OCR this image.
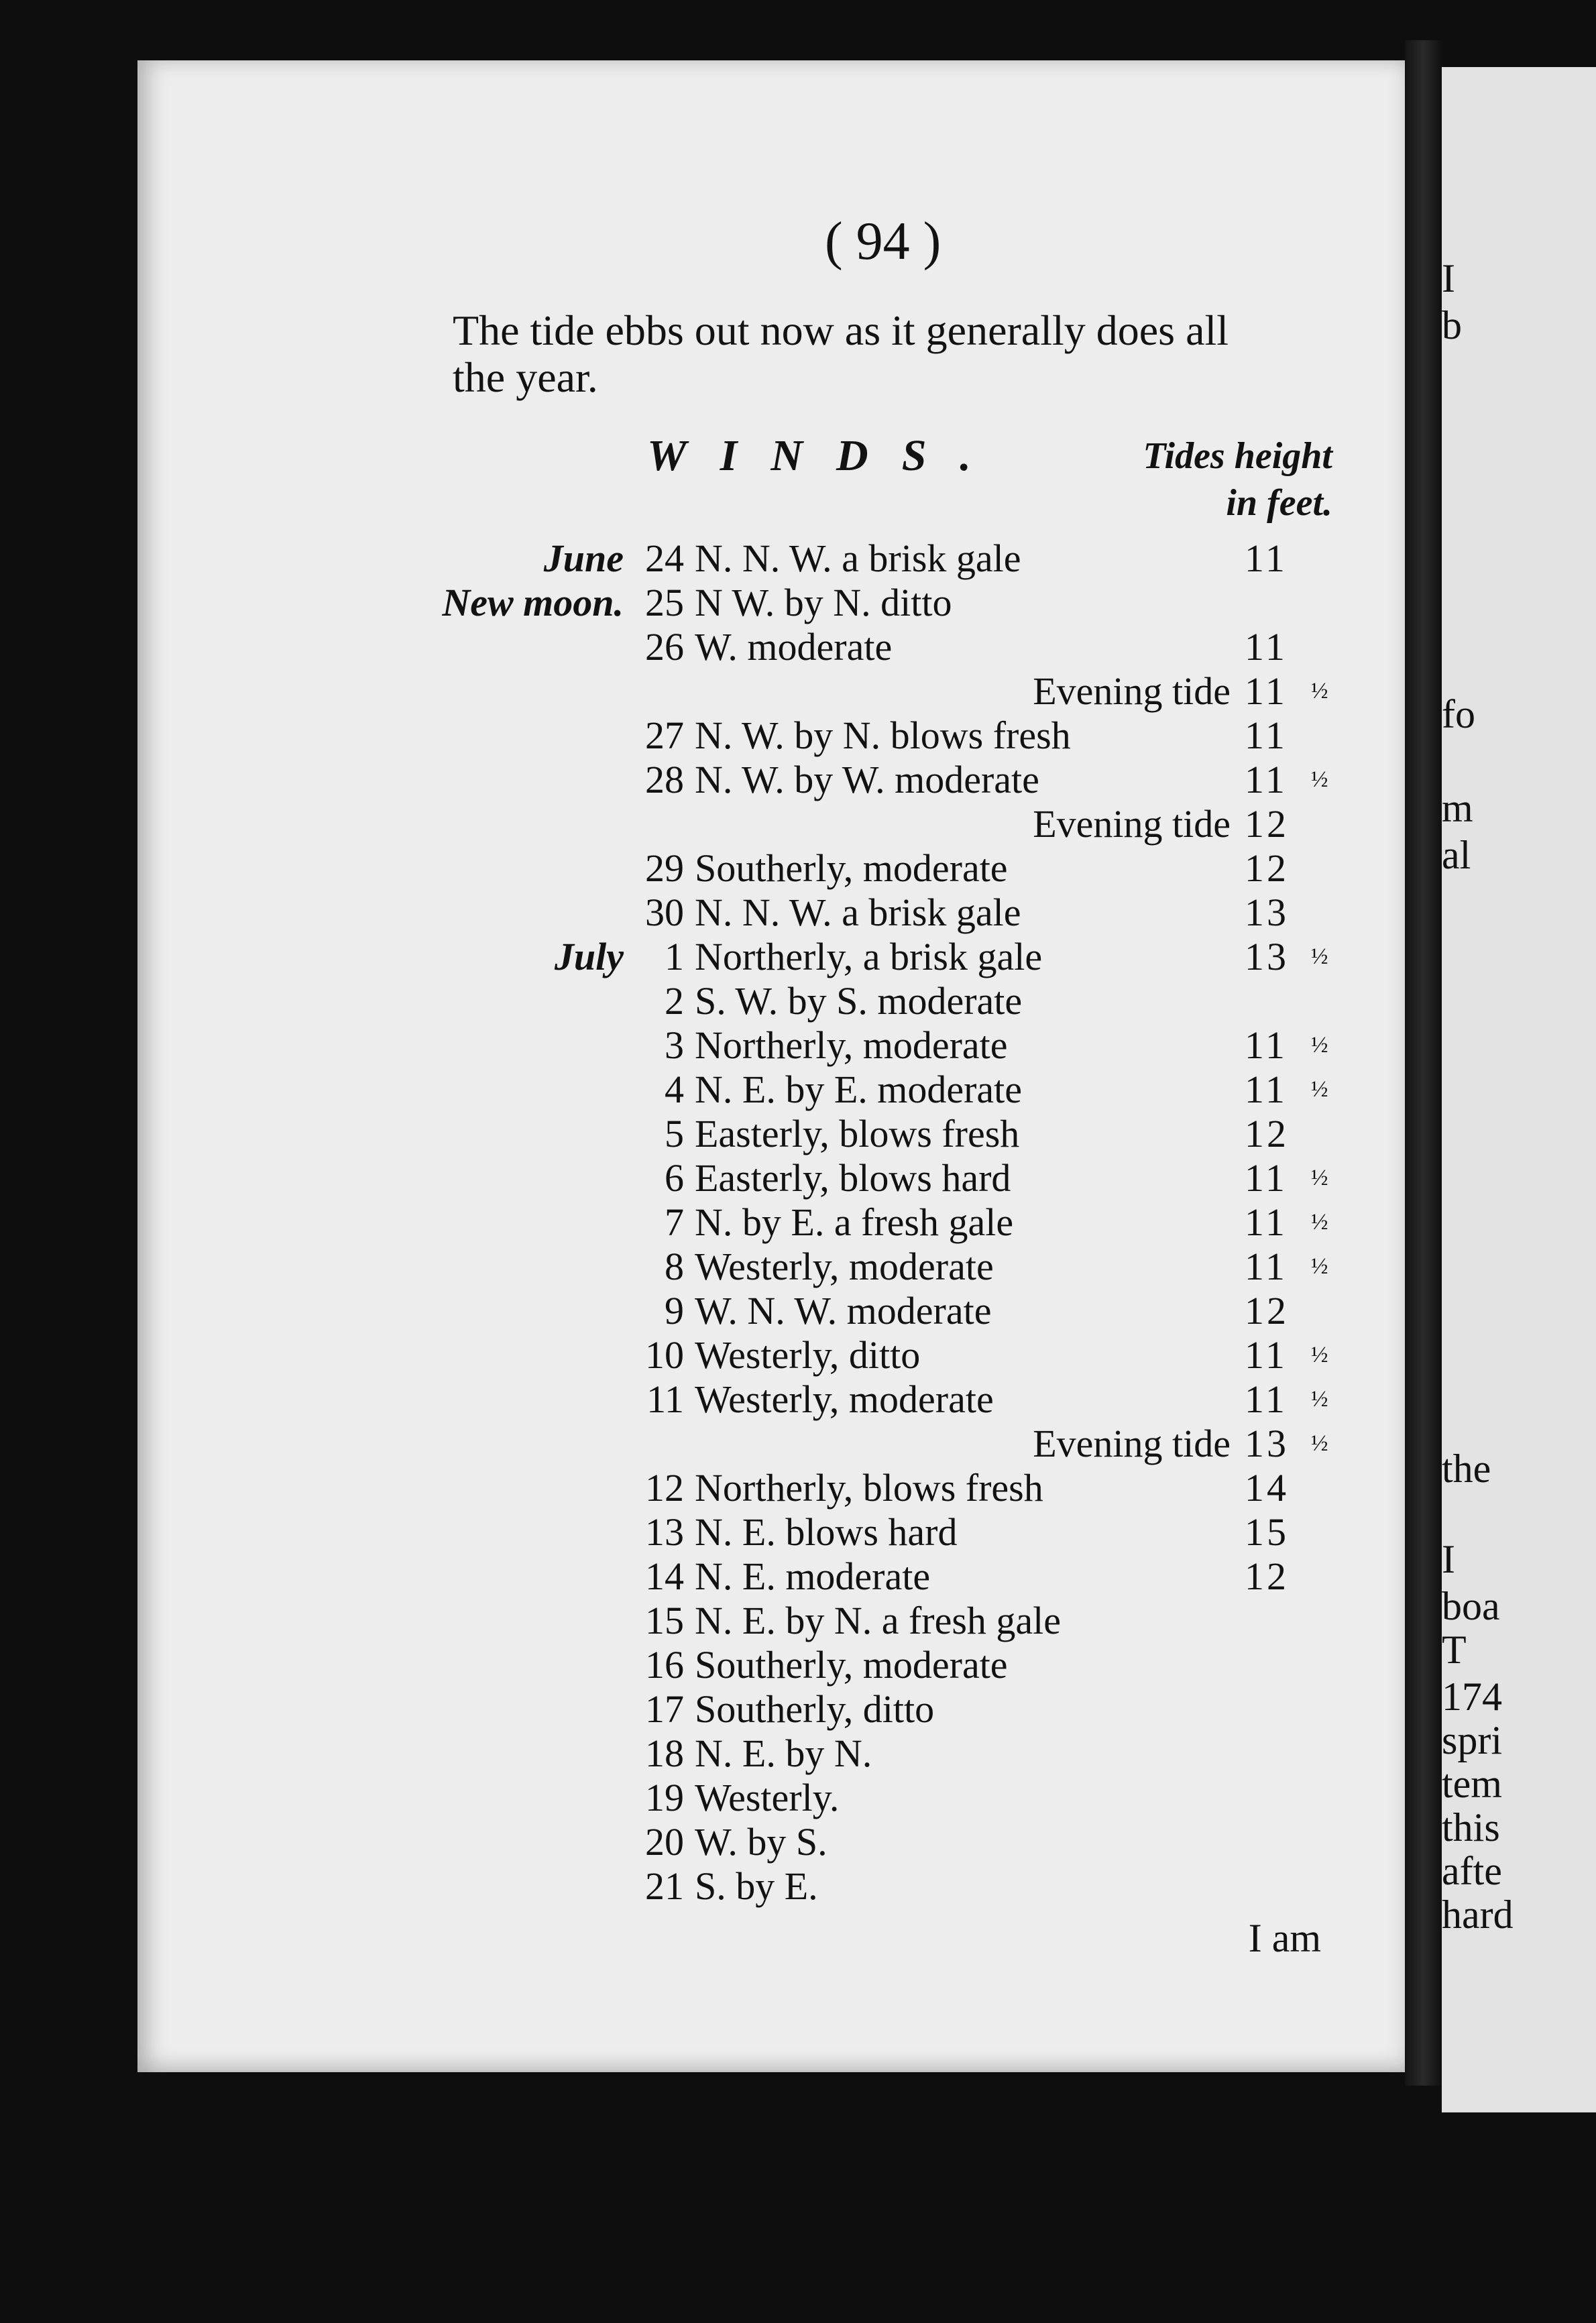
I
b
fo
m
al
the
I
boa
T
174
spri
tem
this
afte
hard
( 94 )
The tide ebbs out now as it generally does all
the year.
WINDS.	Tides height
in feet.
June 24 N. N. W. a brisk gale	11
New moon. 25 N W. by N. ditto
26 W. moderate	11
Evening tide 11 ½
27 N. W. by N. blows fresh	11
28 N. W. by W. moderate	11 ½
Evening tide 12
29 Southerly, moderate	12
30 N. N. W. a brisk gale	13
July 1 Northerly, a brisk gale	13 ½
2 S. W. by S. moderate
3 Northerly, moderate	11 ½
4 N. E. by E. moderate	11 ½
5 Easterly, blows fresh	12
6 Easterly, blows hard	11 ½
7 N. by E. a fresh gale	11 ½
8 Westerly, moderate	11 ½
9 W. N. W. moderate	12
10 Westerly, ditto	11 ½
11 Westerly, moderate	11 ½
Evening tide 13 ½
12 Northerly, blows fresh	14
13 N. E. blows hard	15
14 N. E. moderate	12
15 N. E. by N. a fresh gale
16 Southerly, moderate
17 Southerly, ditto
18 N. E. by N.
19 Westerly.
20 W. by S.
21 S. by E.
I am
